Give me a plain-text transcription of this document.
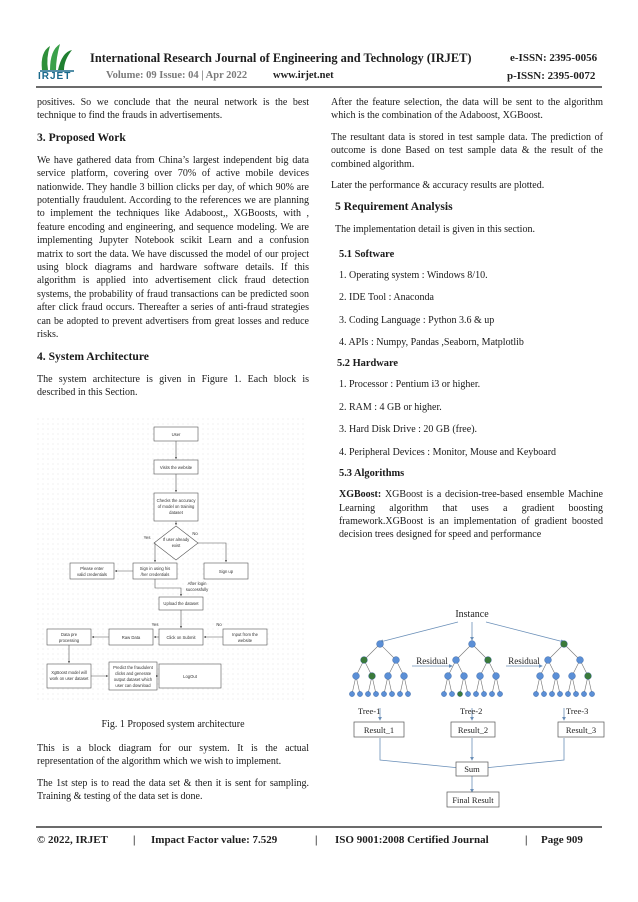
IRJET
International Research Journal of Engineering and Technology (IRJET)	e-ISSN: 2395-0056
Volume: 09 Issue: 04 | Apr 2022 www.irjet.net	p-ISSN: 2395-0072

positives. So we conclude that the neural network is the best technique to find the frauds in advertisements.

3. Proposed Work

We have gathered data from China’s largest independent big data service platform, covering over 70% of active mobile devices nationwide. They handle 3 billion clicks per day, of which 90% are potentially fraudulent. According to the references we are planning to implement the techniques like Adaboost,, XGBoosts, with , feature encoding and engineering, and sequence modeling. We are implementing Jupyter Notebook scikit Learn and a confusion matrix to sort the data. We have discussed the model of our project using block diagrams and hardware software details. If this algorithm is applied into advertisement click fraud detection systems, the probability of fraud transactions can be predicted soon after click fraud occurs. Thereafter a series of anti-fraud strategies can be adopted to prevent advertisers from great losses and reduce risks.

4. System Architecture

The system architecture is given in Figure 1. Each block is described in this Section.

User
Visits the website
Checks the accuracy
of model on training
dataset
If user already
exist
Yes
No
Please enter
valid credentials
Sign in using his
/her credentials
Sign up
After login
successfully
Upload the dataset
Yes	No
Data pre
processing
Raw Data	Click on Submit
Input from the
website
XgBoost model will
work on user dataset
Predict the fraudulent
clicks and generate
output dataset which
user can download
LogOut
Fig. 1 Proposed system architecture

This is a block diagram for our system. It is the actual representation of the algorithm which we wish to implement.

The 1st step is to read the data set & then it is sent for sampling. Training & testing of the data set is done.

After the feature selection, the data will be sent to the algorithm which is the combination of the Adaboost, XGBoost.

The resultant data is stored in test sample data. The prediction of outcome is done Based on test sample data & the result of the combined algorithm.

Later the performance & accuracy results are plotted.

5 Requirement Analysis

The implementation detail is given in this section.

5.1 Software
1. Operating system : Windows 8/10.
2. IDE Tool : Anaconda
3. Coding Language : Python 3.6 & up
4. APIs : Numpy, Pandas ,Seaborn, Matplotlib
5.2 Hardware
1. Processor : Pentium i3 or higher.
2. RAM : 4 GB or higher.
3. Hard Disk Drive : 20 GB (free).
4. Peripheral Devices : Monitor, Mouse and Keyboard
5.3 Algorithms

XGBoost: XGBoost is a decision-tree-based ensemble Machine Learning algorithm that uses a gradient boosting framework.XGBoost is an implementation of gradient boosted decision trees designed for speed and performance

Instance
Residual	Residual
Tree-1	Tree-2	Tree-3
Result_1	Result_2	Result_3
Sum
Final Result
© 2022, IRJET | Impact Factor value: 7.529	| ISO 9001:2008 Certified Journal	| Page 909
